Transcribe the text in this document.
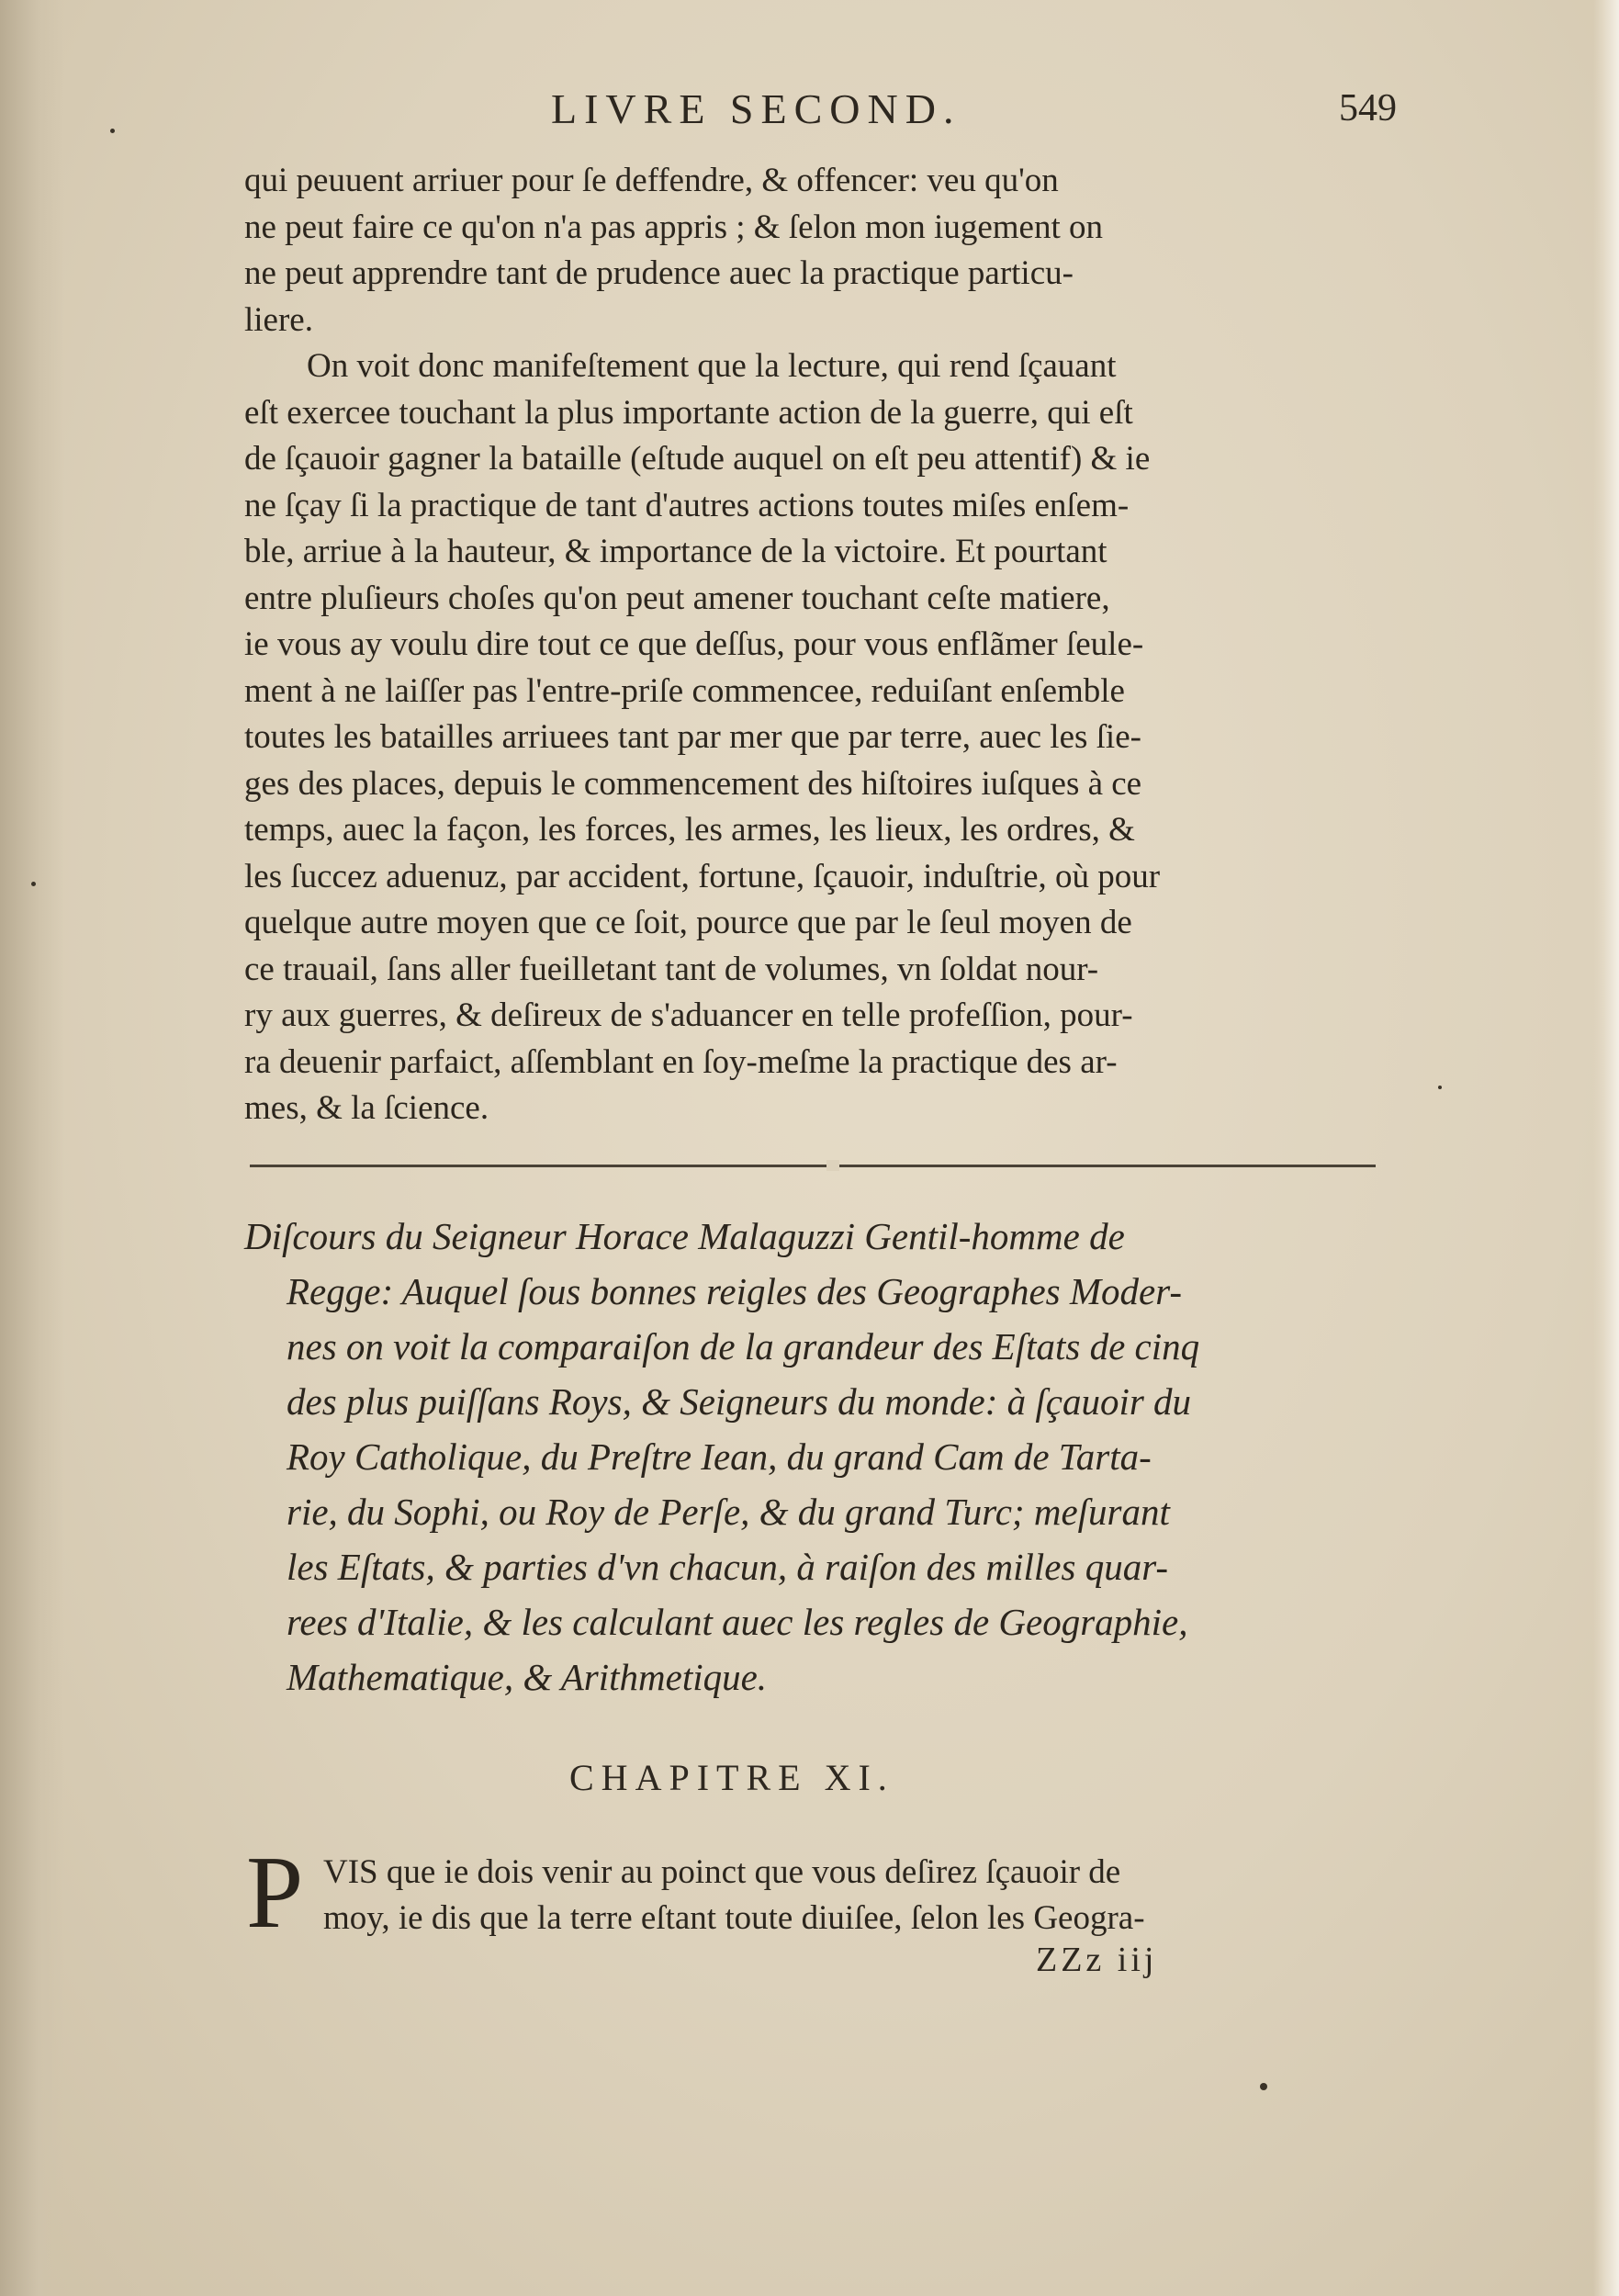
LIVRE SECOND.	549
qui peuuent arriuer pour ſe deffendre, & offencer: veu qu'on
ne peut faire ce qu'on n'a pas appris ; & ſelon mon iugement on
ne peut apprendre tant de prudence auec la practique particu-
liere.
On voit donc manifeſtement que la lecture, qui rend ſçauant
eſt exercee touchant la plus importante action de la guerre, qui eſt
de ſçauoir gagner la bataille (eſtude auquel on eſt peu attentif) & ie
ne ſçay ſi la practique de tant d'autres actions toutes miſes enſem-
ble, arriue à la hauteur, & importance de la victoire. Et pourtant
entre pluſieurs choſes qu'on peut amener touchant ceſte matiere,
ie vous ay voulu dire tout ce que deſſus, pour vous enflãmer ſeule-
ment à ne laiſſer pas l'entre-priſe commencee, reduiſant enſemble
toutes les batailles arriuees tant par mer que par terre, auec les ſie-
ges des places, depuis le commencement des hiſtoires iuſques à ce
temps, auec la façon, les forces, les armes, les lieux, les ordres, &
les ſuccez aduenuz, par accident, fortune, ſçauoir, induſtrie, où pour
quelque autre moyen que ce ſoit, pource que par le ſeul moyen de
ce trauail, ſans aller fueilletant tant de volumes, vn ſoldat nour-
ry aux guerres, & deſireux de s'aduancer en telle profeſſion, pour-
ra deuenir parfaict, aſſemblant en ſoy-meſme la practique des ar-
mes, & la ſcience.
Diſcours du Seigneur Horace Malaguzzi Gentil-homme de
Regge: Auquel ſous bonnes reigles des Geographes Moder-
nes on voit la comparaiſon de la grandeur des Eſtats de cinq
des plus puiſſans Roys, & Seigneurs du monde: à ſçauoir du
Roy Catholique, du Preſtre Iean, du grand Cam de Tarta-
rie, du Sophi, ou Roy de Perſe, & du grand Turc; meſurant
les Eſtats, & parties d'vn chacun, à raiſon des milles quar-
rees d'Italie, & les calculant auec les regles de Geographie,
Mathematique, & Arithmetique.
CHAPITRE XI.
P VIS que ie dois venir au poinct que vous deſirez ſçauoir de
moy, ie dis que la terre eſtant toute diuiſee, ſelon les Geogra-
ZZz iij
